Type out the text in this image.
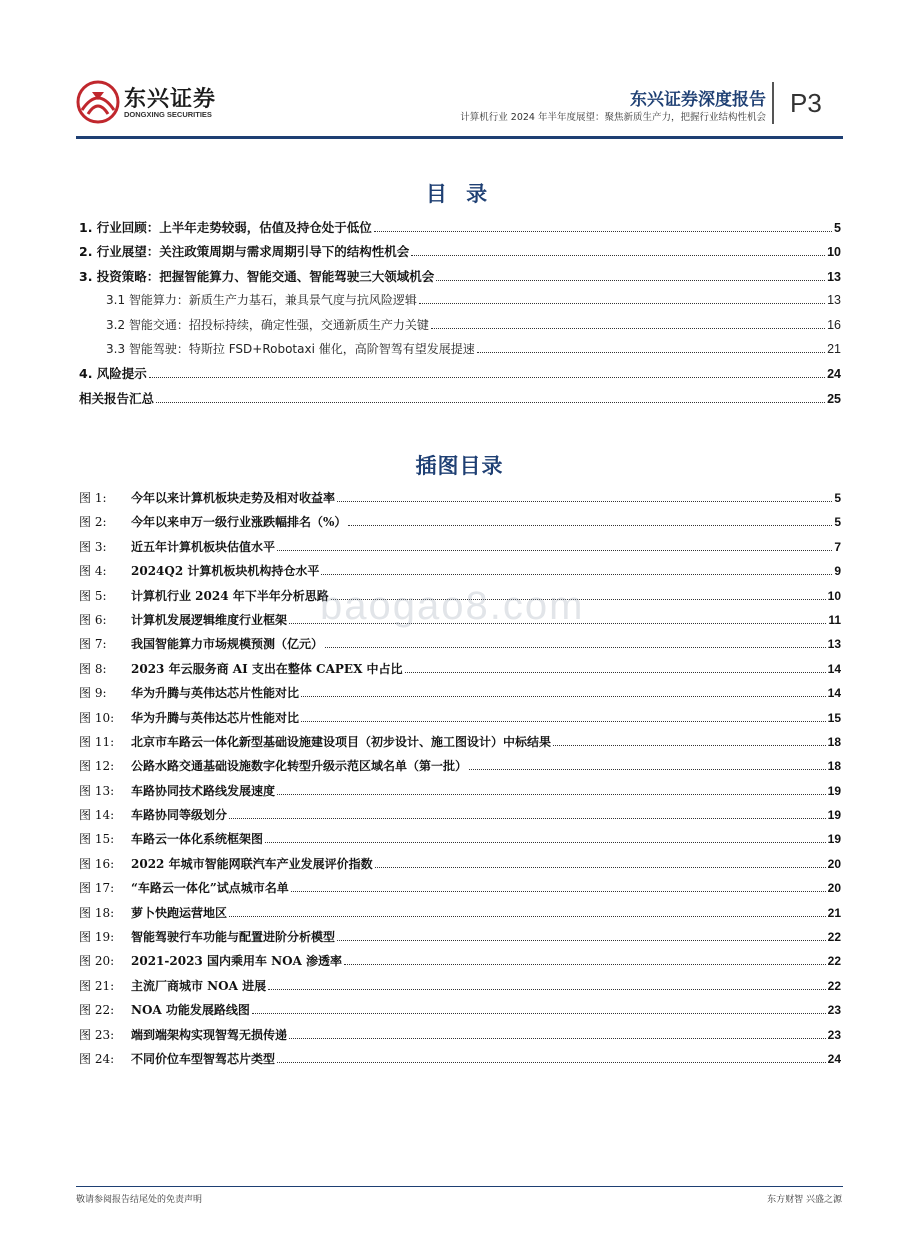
东兴证券
DONGXING SECURITIES
东兴证券深度报告
计算机行业 2024 年半年度展望：聚焦新质生产力，把握行业结构性机会 P3
目 录
1. 行业回顾：上半年走势较弱，估值及持仓处于低位	5
2. 行业展望：关注政策周期与需求周期引导下的结构性机会	10
3. 投资策略：把握智能算力、智能交通、智能驾驶三大领域机会	13
3.1 智能算力：新质生产力基石，兼具景气度与抗风险逻辑	13
3.2 智能交通：招投标持续，确定性强，交通新质生产力关键	16
3.3 智能驾驶：特斯拉 FSD+Robotaxi 催化，高阶智驾有望发展提速	21
4. 风险提示	24
相关报告汇总	25
插图目录
图 1:	今年以来计算机板块走势及相对收益率	5
图 2:	今年以来申万一级行业涨跌幅排名（%）	5
图 3:	近五年计算机板块估值水平	7
图 4:	2024Q2 计算机板块机构持仓水平	9
图 5:	计算机行业 2024 年下半年分析思路	10
图 6:	计算机发展逻辑维度行业框架	11
图 7:	我国智能算力市场规模预测（亿元）	13
图 8:	2023 年云服务商 AI 支出在整体 CAPEX 中占比	14
图 9:	华为升腾与英伟达芯片性能对比	14
图 10:	华为升腾与英伟达芯片性能对比	15
图 11:	北京市车路云一体化新型基础设施建设项目（初步设计、施工图设计）中标结果	18
图 12:	公路水路交通基础设施数字化转型升级示范区域名单（第一批）	18
图 13:	车路协同技术路线发展速度	19
图 14:	车路协同等级划分	19
图 15:	车路云一体化系统框架图	19
图 16:	2022 年城市智能网联汽车产业发展评价指数	20
图 17:	“车路云一体化”试点城市名单	20
图 18:	萝卜快跑运营地区	21
图 19:	智能驾驶行车功能与配置进阶分析模型	22
图 20:	2021-2023 国内乘用车 NOA 渗透率	22
图 21:	主流厂商城市 NOA 进展	22
图 22:	NOA 功能发展路线图	23
图 23:	端到端架构实现智驾无损传递	23
图 24:	不同价位车型智驾芯片类型	24
baogao8.com
敬请参阅报告结尾处的免责声明	东方财智 兴盛之源
